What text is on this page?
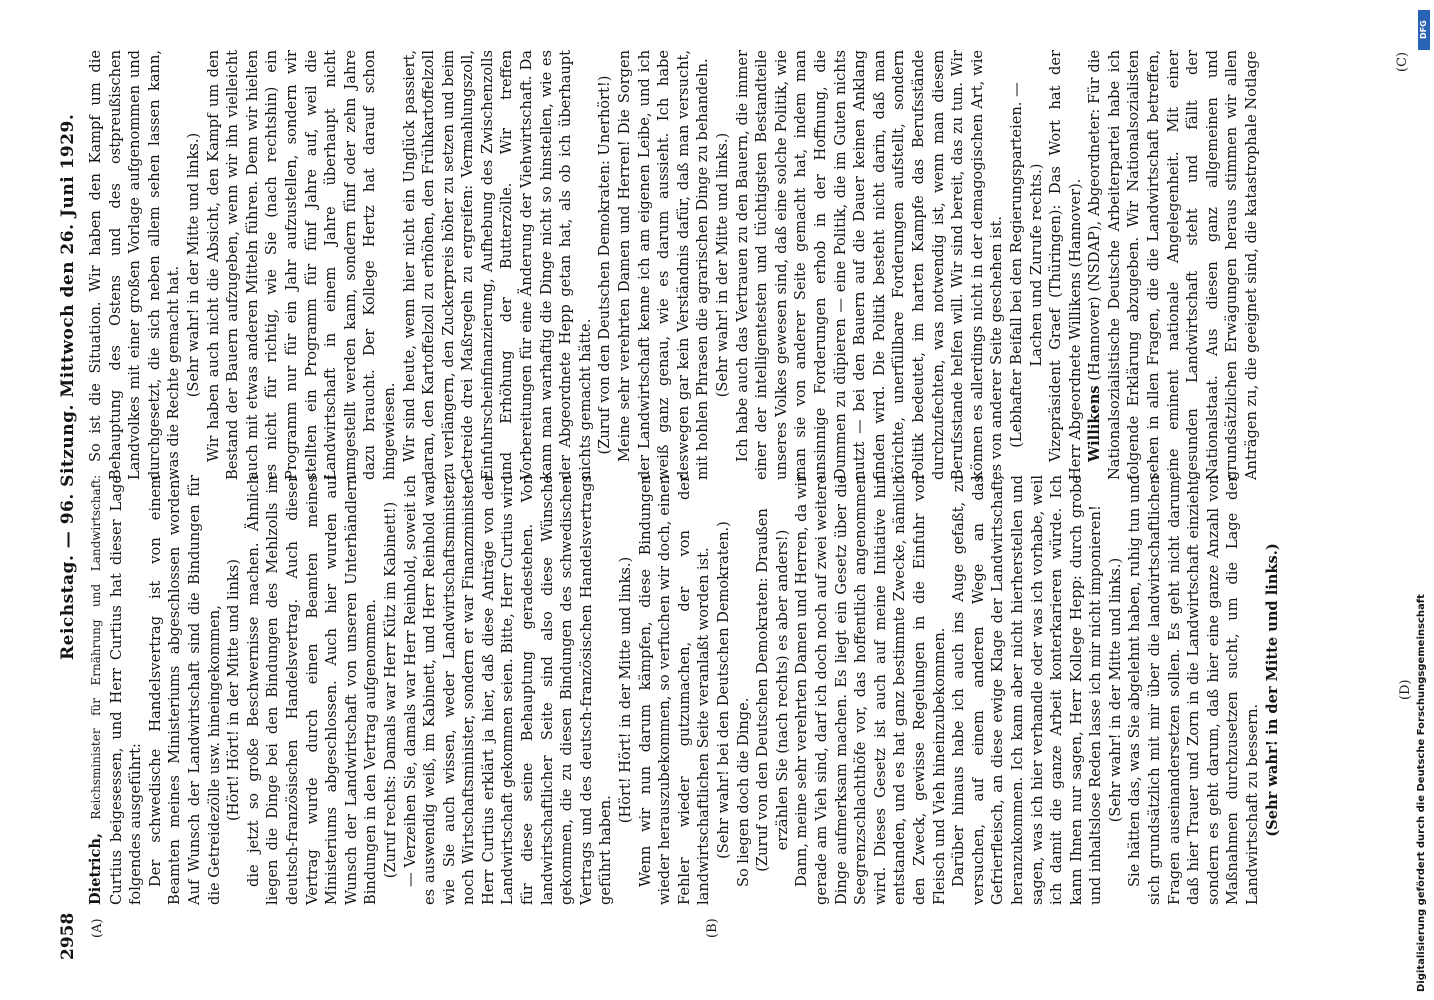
2958
Reichstag. — 96. Sitzung. Mittwoch den 26. Juni 1929.
(A)	(B)
(C)
(D)

Dietrich, Reichsminister für Ernährung und Landwirtschaft: Curtius beigesessen, und Herr Curtius hat dieser Lage folgendes ausgeführt: Der schwedische Handelsvertrag ist von einem Beamten meines Ministeriums abgeschlossen worden. Auf Wunsch der Landwirtschaft sind die Bindungen für die Getreidezölle usw. hineingekommen, (Hört! Hört! in der Mitte und links) die jetzt so große Beschwernisse machen. Ähnlich liegen die Dinge bei den Bindungen des Mehlzolls im deutsch-französischen Handelsvertrag. Auch dieser Vertrag wurde durch einen Beamten meines Ministeriums abgeschlossen. Auch hier wurden auf Wunsch der Landwirtschaft von unseren Unterhändlern Bindungen in den Vertrag aufgenommen. (Zuruf rechts: Damals war Herr Kütz im Kabinett!) — Verzeihen Sie, damals war Herr Reinhold, soweit ich es auswendig weiß, im Kabinett, und Herr Reinhold war, wie Sie auch wissen, weder Landwirtschaftsminister, noch Wirtschaftsminister, sondern er war Finanzminister. Herr Curtius erklärt ja hier, daß diese Anträge von der Landwirtschaft gekommen seien. Bitte, Herr Curtius wird für diese seine Behauptung geradestehen. Von landwirtschaftlicher Seite sind also diese Wünsche gekommen, die zu diesen Bindungen des schwedischen Vertrags und des deutsch-französischen Handelsvertrags geführt haben.

(Hört! Hört! in der Mitte und links.) Wenn wir nun darum kämpfen, diese Bindungen wieder herauszubekommen, so verfuchen wir doch, einen Fehler wieder gutzumachen, der von der landwirtschaftlichen Seite veranlaßt worden ist. (Sehr wahr! bei den Deutschen Demokraten.) So liegen doch die Dinge. (Zuruf von den Deutschen Demokraten: Draußen erzählen Sie (nach rechts) es aber anders!) Dann, meine sehr verehrten Damen und Herren, da wir gerade am Vieh sind, darf ich doch noch auf zwei weitere Dinge aufmerksam machen. Es liegt ein Gesetz über die Seegrenzschlachthöfe vor, das hoffentlich angenommen wird. Dieses Gesetz ist auch auf meine Initiative hin entstanden, und es hat ganz bestimmte Zwecke, nämlich den Zweck, gewisse Regelungen in die Einfuhr von Fleisch und Vieh hineinzubekommen. Darüber hinaus habe ich auch ins Auge gefaßt, zu versuchen, auf einem anderen Wege an das Gefrierfleisch, an diese ewige Klage der Landwirtschaft, heranzukommen. Ich kann aber nicht hierherstellen und sagen, was ich hier verhandle oder was ich vorhabe, weil ich damit die ganze Arbeit konterkarieren würde. Ich kann Ihnen nur sagen, Herr Kollege Hepp: durch grobe und inhaltslose Reden lasse ich mir nicht imponieren! (Sehr wahr! in der Mitte und links.) Sie hätten das, was Sie abgelehnt haben, ruhig tun und sich grundsätzlich mit mir über die landwirtschaftlichen Fragen auseinandersetzen sollen. Es geht nicht darum, daß hier Trauer und Zorn in die Landwirtschaft einzieht, sondern es geht darum, daß hier eine ganze Anzahl von Maßnahmen durchzusetzen sucht, um die Lage der Landwirtschaft zu bessern. (Sehr wahr! in der Mitte und links.)

So ist die Situation. Wir haben den Kampf um die Behauptung des Ostens und des ostpreußischen Landvolkes mit einer großen Vorlage aufgenommen und durchgesetzt, die sich neben allem sehen lassen kann, was die Rechte gemacht hat. (Sehr wahr! in der Mitte und links.) Wir haben auch nicht die Absicht, den Kampf um den Bestand der Bauern aufzugeben, wenn wir ihn vielleicht auch mit etwas anderen Mitteln führen. Denn wir hielten es nicht für richtig, wie Sie (nach rechtshin) ein Programm nur für ein Jahr aufzustellen, sondern wir stellten ein Programm für fünf Jahre auf, weil die Landwirtschaft in einem Jahre überhaupt nicht umgestellt werden kann, sondern fünf oder zehn Jahre dazu braucht. Der Kollege Hertz hat darauf schon hingewiesen. Wir sind heute, wenn hier nicht ein Unglück passiert, daran, den Kartoffelzoll zu erhöhen, den Frühkartoffelzoll zu verlängern, den Zuckerpreis höher zu setzen und beim Getreide drei Maßregeln zu ergreifen: Vermahlungszoll, Einfuhrscheinfinanzierung, Aufhebung des Zwischenzolls und Erhöhung der Butterzölle. Wir treffen Vorbereitungen für eine Änderung der Viehwirtschaft. Da kann man warhaftig die Dinge nicht so hinstellen, wie es der Abgeordnete Hepp getan hat, als ob ich überhaupt nichts gemacht hätte. (Zuruf von den Deutschen Demokraten: Unerhört!) Meine sehr verehrten Damen und Herren! Die Sorgen der Landwirtschaft kenne ich am eigenen Leibe, und ich weiß ganz genau, wie es darum aussieht. Ich habe deswegen gar kein Verständnis dafür, daß man versucht, mit hohlen Phrasen die agrarischen Dinge zu behandeln. (Sehr wahr! in der Mitte und links.) Ich habe auch das Vertrauen zu den Bauern, die immer einer der intelligentesten und tüchtigsten Bestandteile unseres Volkes gewesen sind, daß eine solche Politik, wie man sie von anderer Seite gemacht hat, indem man unsinnige Forderungen erhob in der Hoffnung, die Dummen zu düpieren — eine Politik, die im Guten nichts nutzt — bei den Bauern auf die Dauer keinen Anklang finden wird. Die Politik besteht nicht darin, daß man törichte, unerfüllbare Forderungen aufstellt, sondern Politik bedeutet, im harten Kampfe das Berufsstände durchzufechten, was notwendig ist, wenn man diesem Berufsstande helfen will. Wir sind bereit, das zu tun. Wir können es allerdings nicht in der demagogischen Art, wie es von anderer Seite geschehen ist. (Lebhafter Beifall bei den Regierungsparteien. — Lachen und Zurufe rechts.) Vizepräsident Graef (Thüringen): Das Wort hat der Herr Abgeordnete Willikens (Hannover). Willikens (Hannover) (NSDAP), Abgeordneter: Für die Nationalsozialistische Deutsche Arbeiterpartei habe ich folgende Erklärung abzugeben. Wir Nationalsozialisten sehen in allen Fragen, die die Landwirtschaft betreffen, eine eminent nationale Angelegenheit. Mit einer gesunden Landwirtschaft steht und fällt der Nationalstaat. Aus diesen ganz allgemeinen und grundsätzlichen Erwägungen heraus stimmen wir allen Anträgen zu, die geeignet sind, die katastrophale Notlage

DFG
Digitalisierung gefördert durch die Deutsche Forschungsgemeinschaft
